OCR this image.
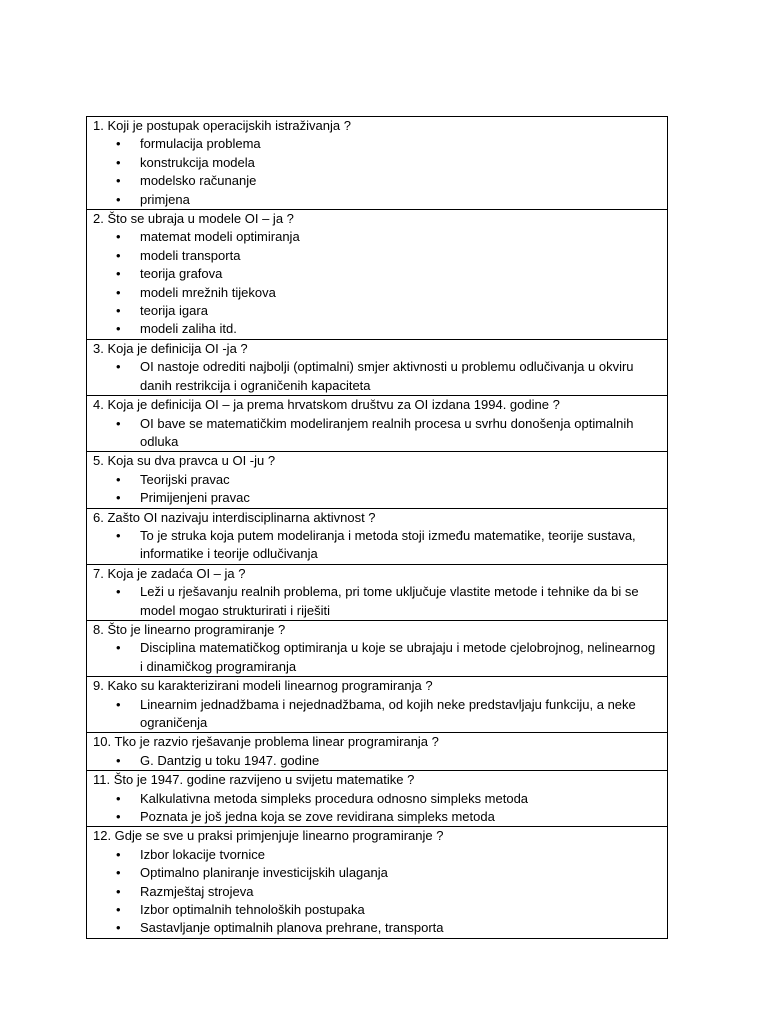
1. Koji je postupak operacijskih istraživanja ?

• formulacija problema
• konstrukcija modela
• modelsko računanje
• primjena

2. Što se ubraja u modele OI – ja ?

• matemat modeli optimiranja
• modeli transporta
• teorija grafova
• modeli mrežnih tijekova
• teorija igara
• modeli zaliha itd.

3. Koja je definicija OI -ja ?

• OI nastoje odrediti najbolji (optimalni) smjer aktivnosti u problemu odlučivanja u okviru danih restrikcija i ograničenih kapaciteta

4. Koja je definicija OI – ja prema hrvatskom društvu za OI izdana 1994. godine ?

• OI bave se matematičkim modeliranjem realnih procesa u svrhu donošenja optimalnih odluka

5. Koja su dva pravca u OI -ju ?

• Teorijski pravac
• Primijenjeni pravac

6. Zašto OI nazivaju interdisciplinarna aktivnost ?

• To je struka koja putem modeliranja i metoda stoji između matematike, teorije sustava, informatike i teorije odlučivanja

7. Koja je zadaća OI – ja ?

• Leži u rješavanju realnih problema, pri tome uključuje vlastite metode i tehnike da bi se model mogao strukturirati i riješiti

8. Što je linearno programiranje ?

• Disciplina matematičkog optimiranja u koje se ubrajaju i metode cjelobrojnog, nelinearnog i dinamičkog programiranja

9. Kako su karakterizirani modeli linearnog programiranja ?

• Linearnim jednadžbama i nejednadžbama, od kojih neke predstavljaju funkciju, a neke ograničenja

10. Tko je razvio rješavanje problema linear programiranja ?

• G. Dantzig u toku 1947. godine

11. Što je 1947. godine razvijeno u svijetu matematike ?

• Kalkulativna metoda simpleks procedura odnosno simpleks metoda
• Poznata je još jedna koja se zove revidirana simpleks metoda

12. Gdje se sve u praksi primjenjuje linearno programiranje ?

• Izbor lokacije tvornice
• Optimalno planiranje investicijskih ulaganja
• Razmještaj strojeva
• Izbor optimalnih tehnoloških postupaka
• Sastavljanje optimalnih planova prehrane, transporta
